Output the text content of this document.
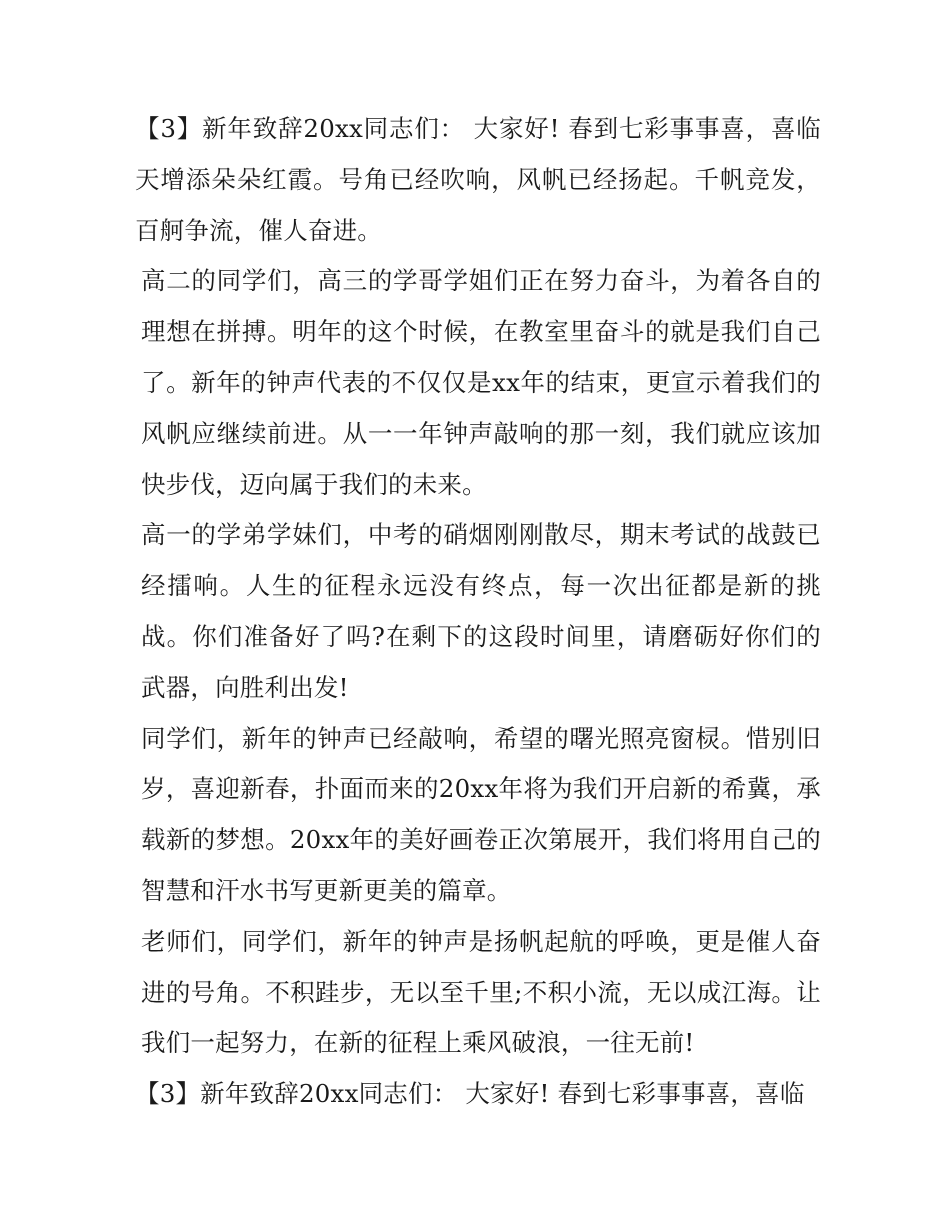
【3】新年致辞20xx同志们： 大家好! 春到七彩事事喜，喜临天增添朵朵红霞。号角已经吹响，风帆已经扬起。千帆竞发，百舸争流，催人奋进。

高二的同学们，高三的学哥学姐们正在努力奋斗，为着各自的理想在拼搏。明年的这个时候，在教室里奋斗的就是我们自己了。新年的钟声代表的不仅仅是xx年的结束，更宣示着我们的风帆应继续前进。从一一年钟声敲响的那一刻，我们就应该加快步伐，迈向属于我们的未来。

高一的学弟学妹们，中考的硝烟刚刚散尽，期末考试的战鼓已经擂响。人生的征程永远没有终点，每一次出征都是新的挑战。你们准备好了吗?在剩下的这段时间里，请磨砺好你们的武器，向胜利出发!

同学们，新年的钟声已经敲响，希望的曙光照亮窗棂。惜别旧岁，喜迎新春，扑面而来的20xx年将为我们开启新的希冀，承载新的梦想。20xx年的美好画卷正次第展开，我们将用自己的智慧和汗水书写更新更美的篇章。

老师们，同学们，新年的钟声是扬帆起航的呼唤，更是催人奋进的号角。不积跬步，无以至千里;不积小流，无以成江海。让我们一起努力，在新的征程上乘风破浪，一往无前!

【3】新年致辞20xx同志们： 大家好! 春到七彩事事喜，喜临
